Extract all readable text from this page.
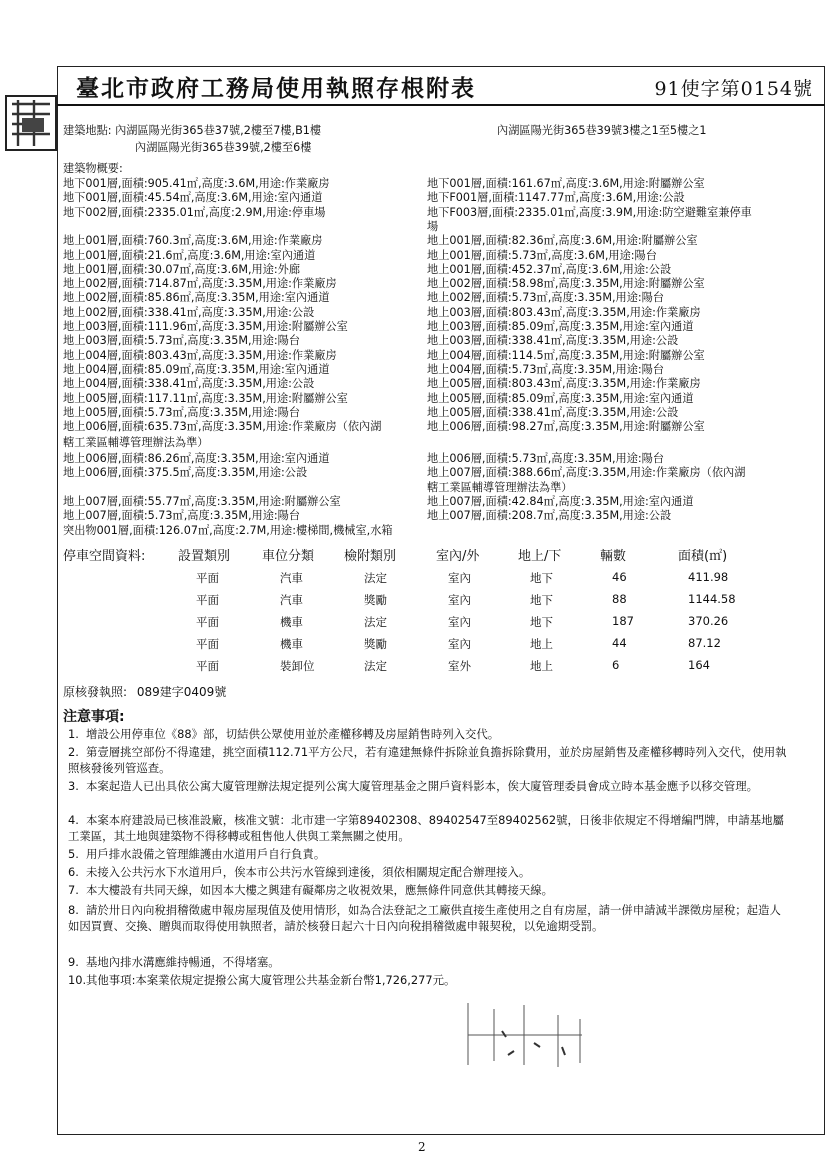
臺北市政府工務局使用執照存根附表	91使字第0154號
建築地點: 內湖區陽光街365巷37號,2樓至7樓,B1樓	內湖區陽光街365巷39號3樓之1至5樓之1
內湖區陽光街365巷39號,2樓至6樓
建築物概要:
地下001層,面積:905.41㎡,高度:3.6M,用途:作業廠房
地下001層,面積:45.54㎡,高度:3.6M,用途:室內通道
地下002層,面積:2335.01㎡,高度:2.9M,用途:停車場
地上001層,面積:760.3㎡,高度:3.6M,用途:作業廠房
地上001層,面積:21.6㎡,高度:3.6M,用途:室內通道
地上001層,面積:30.07㎡,高度:3.6M,用途:外廊
地上002層,面積:714.87㎡,高度:3.35M,用途:作業廠房
地上002層,面積:85.86㎡,高度:3.35M,用途:室內通道
地上002層,面積:338.41㎡,高度:3.35M,用途:公設
地上003層,面積:111.96㎡,高度:3.35M,用途:附屬辦公室
地上003層,面積:5.73㎡,高度:3.35M,用途:陽台
地上004層,面積:803.43㎡,高度:3.35M,用途:作業廠房
地上004層,面積:85.09㎡,高度:3.35M,用途:室內通道
地上004層,面積:338.41㎡,高度:3.35M,用途:公設
地上005層,面積:117.11㎡,高度:3.35M,用途:附屬辦公室
地上005層,面積:5.73㎡,高度:3.35M,用途:陽台
地上006層,面積:635.73㎡,高度:3.35M,用途:作業廠房（依內湖
地下001層,面積:161.67㎡,高度:3.6M,用途:附屬辦公室
地下F001層,面積:1147.77㎡,高度:3.6M,用途:公設
地下F003層,面積:2335.01㎡,高度:3.9M,用途:防空避難室兼停車
場
地上001層,面積:82.36㎡,高度:3.6M,用途:附屬辦公室
地上001層,面積:5.73㎡,高度:3.6M,用途:陽台
地上001層,面積:452.37㎡,高度:3.6M,用途:公設
地上002層,面積:58.98㎡,高度:3.35M,用途:附屬辦公室
地上002層,面積:5.73㎡,高度:3.35M,用途:陽台
地上003層,面積:803.43㎡,高度:3.35M,用途:作業廠房
地上003層,面積:85.09㎡,高度:3.35M,用途:室內通道
地上003層,面積:338.41㎡,高度:3.35M,用途:公設
地上004層,面積:114.5㎡,高度:3.35M,用途:附屬辦公室
地上004層,面積:5.73㎡,高度:3.35M,用途:陽台
地上005層,面積:803.43㎡,高度:3.35M,用途:作業廠房
地上005層,面積:85.09㎡,高度:3.35M,用途:室內通道
地上005層,面積:338.41㎡,高度:3.35M,用途:公設
地上006層,面積:98.27㎡,高度:3.35M,用途:附屬辦公室
轄工業區輔導管理辦法為準）
地上006層,面積:86.26㎡,高度:3.35M,用途:室內通道
地上006層,面積:375.5㎡,高度:3.35M,用途:公設
地上007層,面積:55.77㎡,高度:3.35M,用途:附屬辦公室
地上007層,面積:5.73㎡,高度:3.35M,用途:陽台
突出物001層,面積:126.07㎡,高度:2.7M,用途:樓梯間,機械室,水箱
地上006層,面積:5.73㎡,高度:3.35M,用途:陽台
地上007層,面積:388.66㎡,高度:3.35M,用途:作業廠房（依內湖
轄工業區輔導管理辦法為準）
地上007層,面積:42.84㎡,高度:3.35M,用途:室內通道
地上007層,面積:208.7㎡,高度:3.35M,用途:公設
停車空間資料:	設置類別 車位分類 檢附類別	室內/外	地上/下	輛數	面積(㎡)
平面	汽車	法定	室內	地下	46	411.98
平面	汽車	獎勵	室內	地下	88	1144.58
平面	機車	法定	室內	地下	187	370.26
平面	機車	獎勵	室內	地上	44	87.12
平面	裝卸位	法定	室外	地上	6	164
原核發執照: 089建字0409號
注意事項:
1. 增設公用停車位《88》部，切結供公眾使用並於產權移轉及房屋銷售時列入交代。
2. 第壹層挑空部份不得違建，挑空面積112.71平方公尺，若有違建無條件拆除並負擔拆除費用，並於房屋銷售及產權移轉時列入交代，使用執照核發後列管巡查。
3. 本案起造人已出具依公寓大廈管理辦法規定提列公寓大廈管理基金之開戶資料影本，俟大廈管理委員會成立時本基金應予以移交管理。
4. 本案本府建設局已核准設廠，核准文號：北市建一字第89402308、89402547至89402562號，日後非依規定不得增編門牌，申請基地屬工業區，其土地與建築物不得移轉或租售他人供與工業無關之使用。
5. 用戶排水設備之管理維護由水道用戶自行負責。
6. 未接入公共污水下水道用戶，俟本市公共污水管線到達後，須依相關規定配合辦理接入。
7. 本大樓設有共同天線，如因本大樓之興建有礙鄰房之收視效果，應無條件同意供其轉接天線。
8. 請於卅日內向稅捐稽徵處申報房屋現值及使用情形，如為合法登記之工廠供直接生產使用之自有房屋，請一併申請減半課徵房屋稅；起造人如因買賣、交換、贈與而取得使用執照者，請於核發日起六十日內向稅捐稽徵處申報契稅，以免逾期受罰。
9. 基地內排水溝應維持暢通，不得堵塞。
10.其他事項:本案業依規定提撥公寓大廈管理公共基金新台幣1,726,277元。
2
